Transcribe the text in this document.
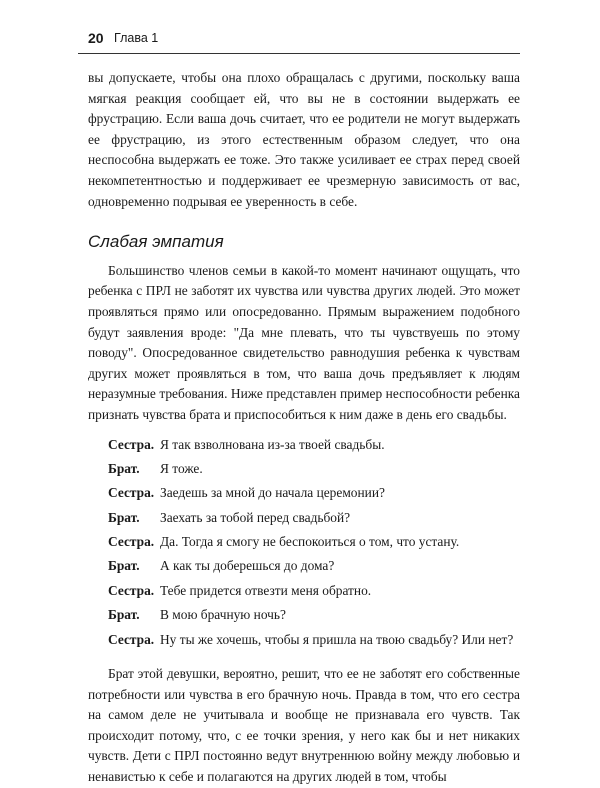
20 Глава 1

вы допускаете, чтобы она плохо обращалась с другими, поскольку ваша мягкая реакция сообщает ей, что вы не в состоянии выдержать ее фрустрацию. Если ваша дочь считает, что ее родители не могут выдержать ее фрустрацию, из этого естественным образом следует, что она неспособна выдержать ее тоже. Это также усиливает ее страх перед своей некомпетентностью и поддерживает ее чрезмерную зависимость от вас, одновременно подрывая ее уверенность в себе.

Слабая эмпатия

Большинство членов семьи в какой-то момент начинают ощущать, что ребенка с ПРЛ не заботят их чувства или чувства других людей. Это может проявляться прямо или опосредованно. Прямым выражением подобного будут заявления вроде: "Да мне плевать, что ты чувствуешь по этому поводу". Опосредованное свидетельство равнодушия ребенка к чувствам других может проявляться в том, что ваша дочь предъявляет к людям неразумные требования. Ниже представлен пример неспособности ребенка признать чувства брата и приспособиться к ним даже в день его свадьбы.

Сестра. Я так взволнована из-за твоей свадьбы.
Брат.	Я тоже.
Сестра. Заедешь за мной до начала церемонии?
Брат.	Заехать за тобой перед свадьбой?
Сестра. Да. Тогда я смогу не беспокоиться о том, что устану.
Брат.	А как ты доберешься до дома?
Сестра. Тебе придется отвезти меня обратно.
Брат.	В мою брачную ночь?
Сестра. Ну ты же хочешь, чтобы я пришла на твою свадьбу? Или нет?

Брат этой девушки, вероятно, решит, что ее не заботят его собственные потребности или чувства в его брачную ночь. Правда в том, что его сестра на самом деле не учитывала и вообще не признавала его чувств. Так происходит потому, что, с ее точки зрения, у него как бы и нет никаких чувств. Дети с ПРЛ постоянно ведут внутреннюю войну между любовью и ненавистью к себе и полагаются на других людей в том, чтобы
